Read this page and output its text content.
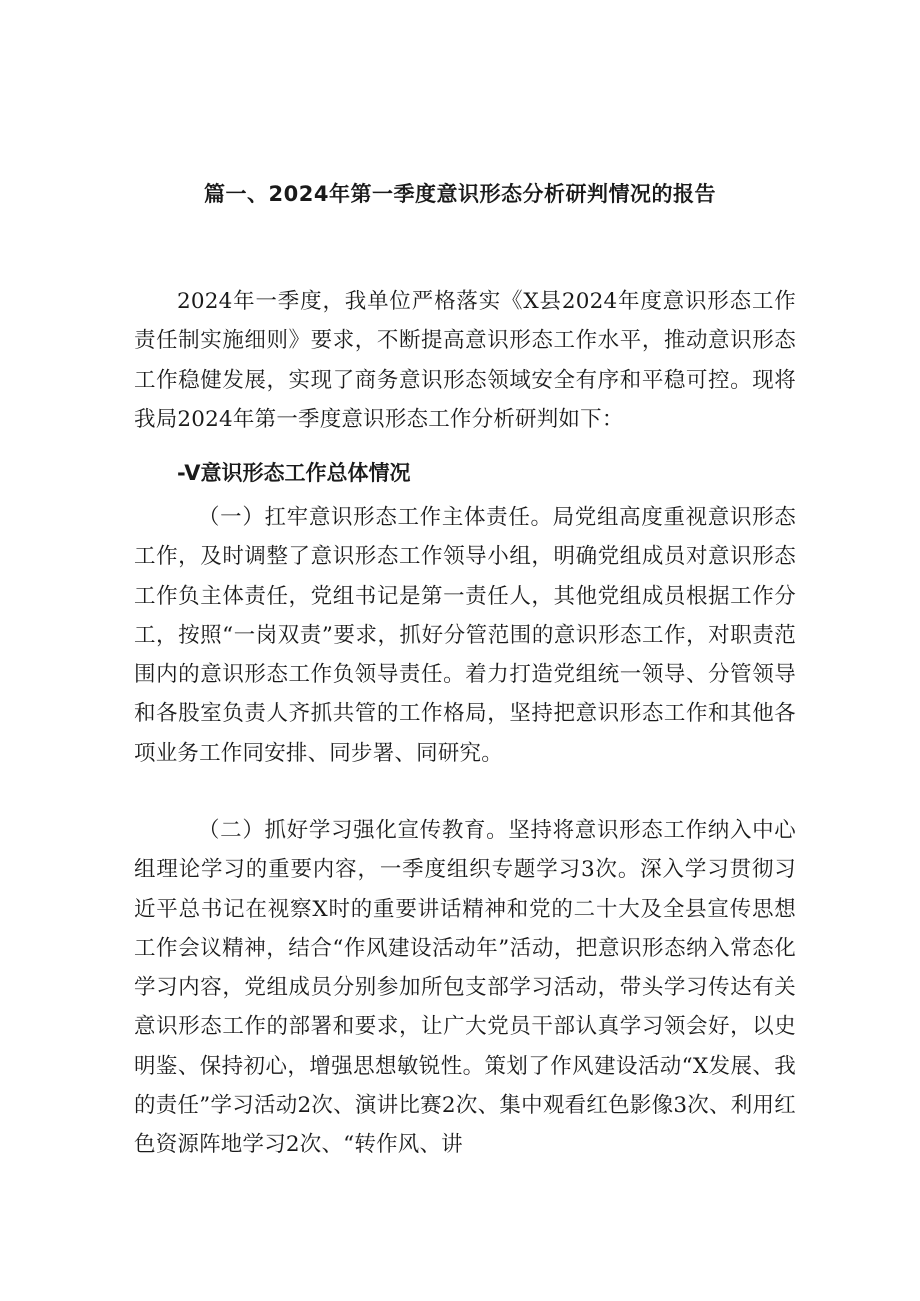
篇一、2024年第一季度意识形态分析研判情况的报告

2024年一季度，我单位严格落实《X县2024年度意识形态工作责任制实施细则》要求，不断提高意识形态工作水平，推动意识形态工作稳健发展，实现了商务意识形态领域安全有序和平稳可控。现将我局2024年第一季度意识形态工作分析研判如下：

-V意识形态工作总体情况

（一）扛牢意识形态工作主体责任。局党组高度重视意识形态工作，及时调整了意识形态工作领导小组，明确党组成员对意识形态工作负主体责任，党组书记是第一责任人，其他党组成员根据工作分工，按照“一岗双责”要求，抓好分管范围的意识形态工作，对职责范围内的意识形态工作负领导责任。着力打造党组统一领导、分管领导和各股室负责人齐抓共管的工作格局，坚持把意识形态工作和其他各项业务工作同安排、同步署、同研究。

（二）抓好学习强化宣传教育。坚持将意识形态工作纳入中心组理论学习的重要内容，一季度组织专题学习3次。深入学习贯彻习近平总书记在视察X时的重要讲话精神和党的二十大及全县宣传思想工作会议精神，结合“作风建设活动年”活动，把意识形态纳入常态化学习内容，党组成员分别参加所包支部学习活动，带头学习传达有关意识形态工作的部署和要求，让广大党员干部认真学习领会好，以史明鉴、保持初心，增强思想敏锐性。策划了作风建设活动“X发展、我的责任”学习活动2次、演讲比赛2次、集中观看红色影像3次、利用红色资源阵地学习2次、“转作风、讲
